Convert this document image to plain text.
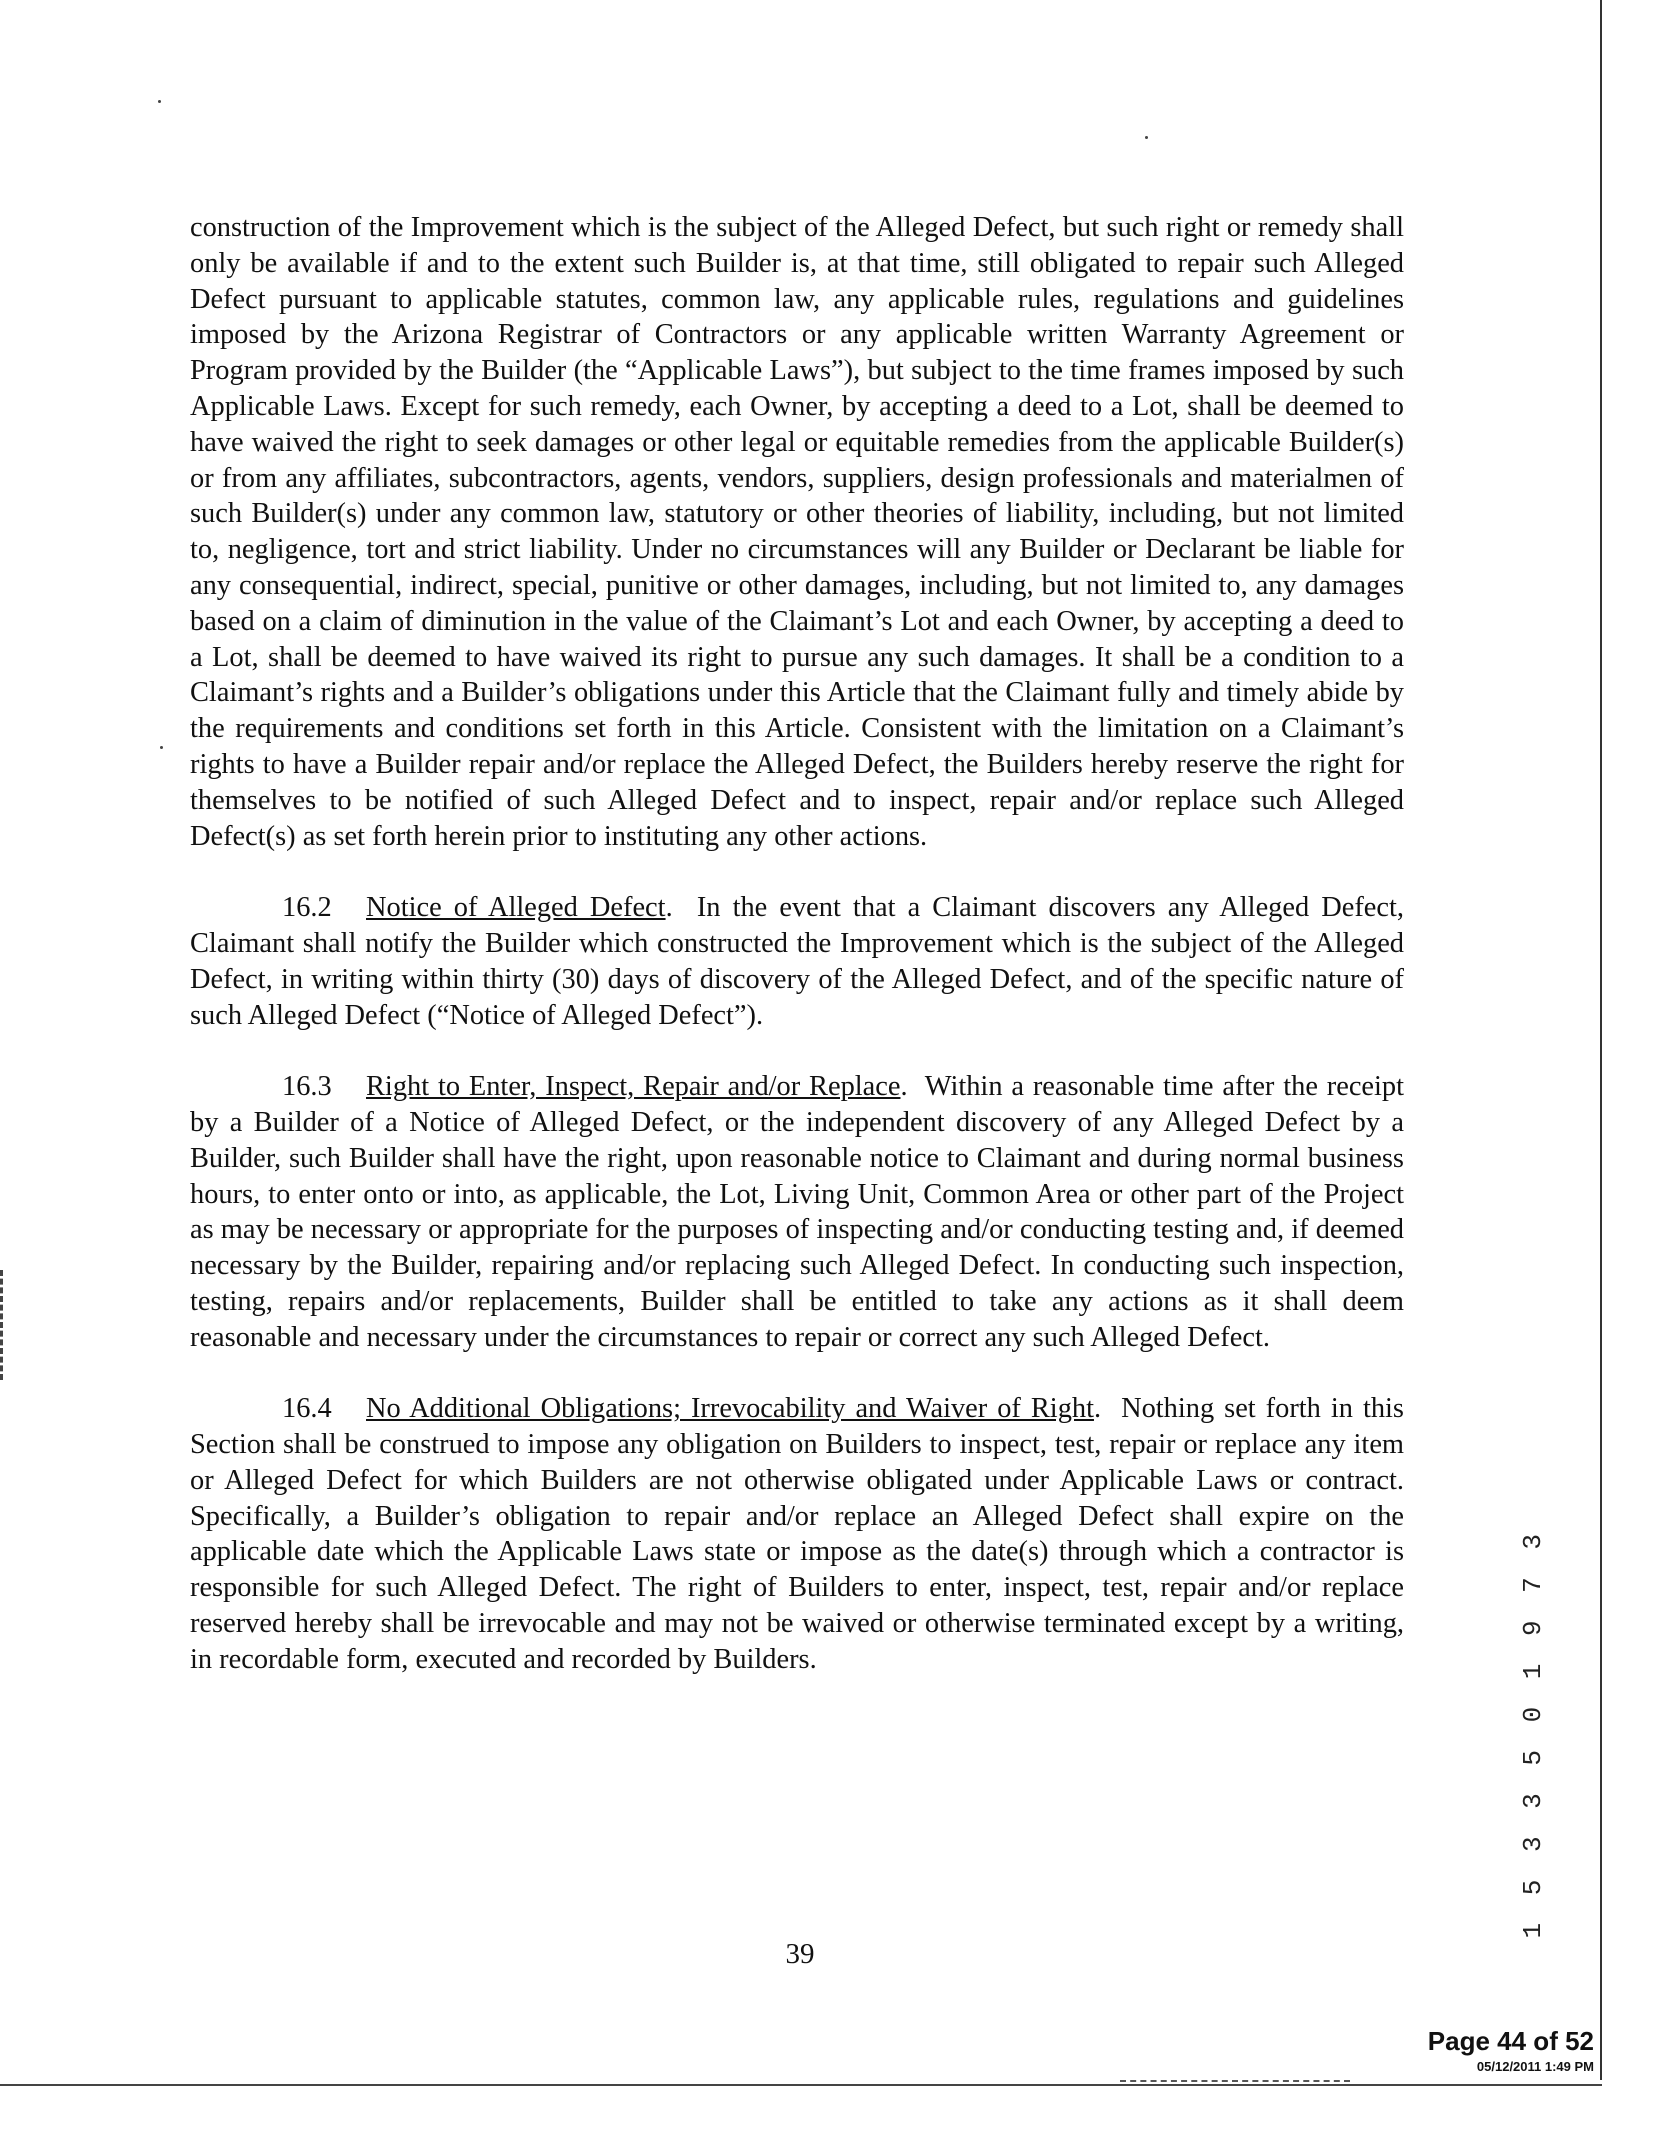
construction of the Improvement which is the subject of the Alleged Defect, but such right or remedy shall only be available if and to the extent such Builder is, at that time, still obligated to repair such Alleged Defect pursuant to applicable statutes, common law, any applicable rules, regulations and guidelines imposed by the Arizona Registrar of Contractors or any applicable written Warranty Agreement or Program provided by the Builder (the “Applicable Laws”), but subject to the time frames imposed by such Applicable Laws. Except for such remedy, each Owner, by accepting a deed to a Lot, shall be deemed to have waived the right to seek damages or other legal or equitable remedies from the applicable Builder(s) or from any affiliates, subcontractors, agents, vendors, suppliers, design professionals and materialmen of such Builder(s) under any common law, statutory or other theories of liability, including, but not limited to, negligence, tort and strict liability. Under no circumstances will any Builder or Declarant be liable for any consequential, indirect, special, punitive or other damages, including, but not limited to, any damages based on a claim of diminution in the value of the Claimant’s Lot and each Owner, by accepting a deed to a Lot, shall be deemed to have waived its right to pursue any such damages. It shall be a condition to a Claimant’s rights and a Builder’s obligations under this Article that the Claimant fully and timely abide by the requirements and conditions set forth in this Article. Consistent with the limitation on a Claimant’s rights to have a Builder repair and/or replace the Alleged Defect, the Builders hereby reserve the right for themselves to be notified of such Alleged Defect and to inspect, repair and/or replace such Alleged Defect(s) as set forth herein prior to instituting any other actions.

16.2 Notice of Alleged Defect.  In the event that a Claimant discovers any Alleged Defect, Claimant shall notify the Builder which constructed the Improvement which is the subject of the Alleged Defect, in writing within thirty (30) days of discovery of the Alleged Defect, and of the specific nature of such Alleged Defect (“Notice of Alleged Defect”).

16.3 Right to Enter, Inspect, Repair and/or Replace.  Within a reasonable time after the receipt by a Builder of a Notice of Alleged Defect, or the independent discovery of any Alleged Defect by a Builder, such Builder shall have the right, upon reasonable notice to Claimant and during normal business hours, to enter onto or into, as applicable, the Lot, Living Unit, Common Area or other part of the Project as may be necessary or appropriate for the purposes of inspecting and/or conducting testing and, if deemed necessary by the Builder, repairing and/or replacing such Alleged Defect. In conducting such inspection, testing, repairs and/or replacements, Builder shall be entitled to take any actions as it shall deem reasonable and necessary under the circumstances to repair or correct any such Alleged Defect.

16.4 No Additional Obligations; Irrevocability and Waiver of Right.  Nothing set forth in this Section shall be construed to impose any obligation on Builders to inspect, test, repair or replace any item or Alleged Defect for which Builders are not otherwise obligated under Applicable Laws or contract. Specifically, a Builder’s obligation to repair and/or replace an Alleged Defect shall expire on the applicable date which the Applicable Laws state or impose as the date(s) through which a contractor is responsible for such Alleged Defect. The right of Builders to enter, inspect, test, repair and/or replace reserved hereby shall be irrevocable and may not be waived or otherwise terminated except by a writing, in recordable form, executed and recorded by Builders.	1 5 3 3 5 0 1 9 7 3
39
Page 44 of 52
05/12/2011 1:49 PM
